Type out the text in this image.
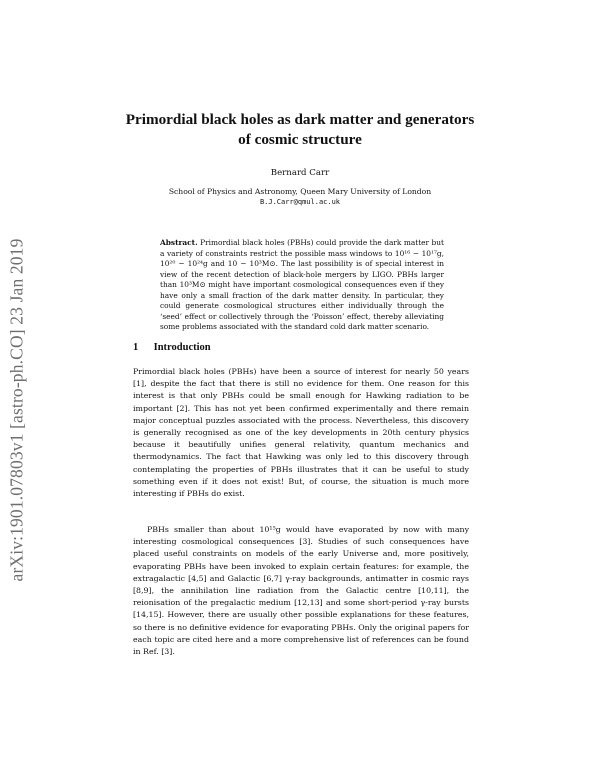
arXiv:1901.07803v1 [astro-ph.CO] 23 Jan 2019
Primordial black holes as dark matter and generators of cosmic structure
Bernard Carr
School of Physics and Astronomy, Queen Mary University of London
B.J.Carr@qmul.ac.uk
Abstract. Primordial black holes (PBHs) could provide the dark matter but a variety of constraints restrict the possible mass windows to 10¹⁶ − 10¹⁷g, 10²⁰ − 10²⁴g and 10 − 10³M⊙. The last possibility is of special interest in view of the recent detection of black-hole mergers by LIGO. PBHs larger than 10³M⊙ might have important cosmological consequences even if they have only a small fraction of the dark matter density. In particular, they could generate cosmological structures either individually through the ‘seed’ effect or collectively through the ‘Poisson’ effect, thereby alleviating some problems associated with the standard cold dark matter scenario.
1 Introduction
Primordial black holes (PBHs) have been a source of interest for nearly 50 years [1], despite the fact that there is still no evidence for them. One reason for this interest is that only PBHs could be small enough for Hawking radiation to be important [2]. This has not yet been confirmed experimentally and there remain major conceptual puzzles associated with the process. Nevertheless, this discovery is generally recognised as one of the key developments in 20th century physics because it beautifully unifies general relativity, quantum mechanics and thermodynamics. The fact that Hawking was only led to this discovery through contemplating the properties of PBHs illustrates that it can be useful to study something even if it does not exist! But, of course, the situation is much more interesting if PBHs do exist.
PBHs smaller than about 10¹⁵g would have evaporated by now with many interesting cosmological consequences [3]. Studies of such consequences have placed useful constraints on models of the early Universe and, more positively, evaporating PBHs have been invoked to explain certain features: for example, the extragalactic [4,5] and Galactic [6,7] γ-ray backgrounds, antimatter in cosmic rays [8,9], the annihilation line radiation from the Galactic centre [10,11], the reionisation of the pregalactic medium [12,13] and some short-period γ-ray bursts [14,15]. However, there are usually other possible explanations for these features, so there is no definitive evidence for evaporating PBHs. Only the original papers for each topic are cited here and a more comprehensive list of references can be found in Ref. [3].
